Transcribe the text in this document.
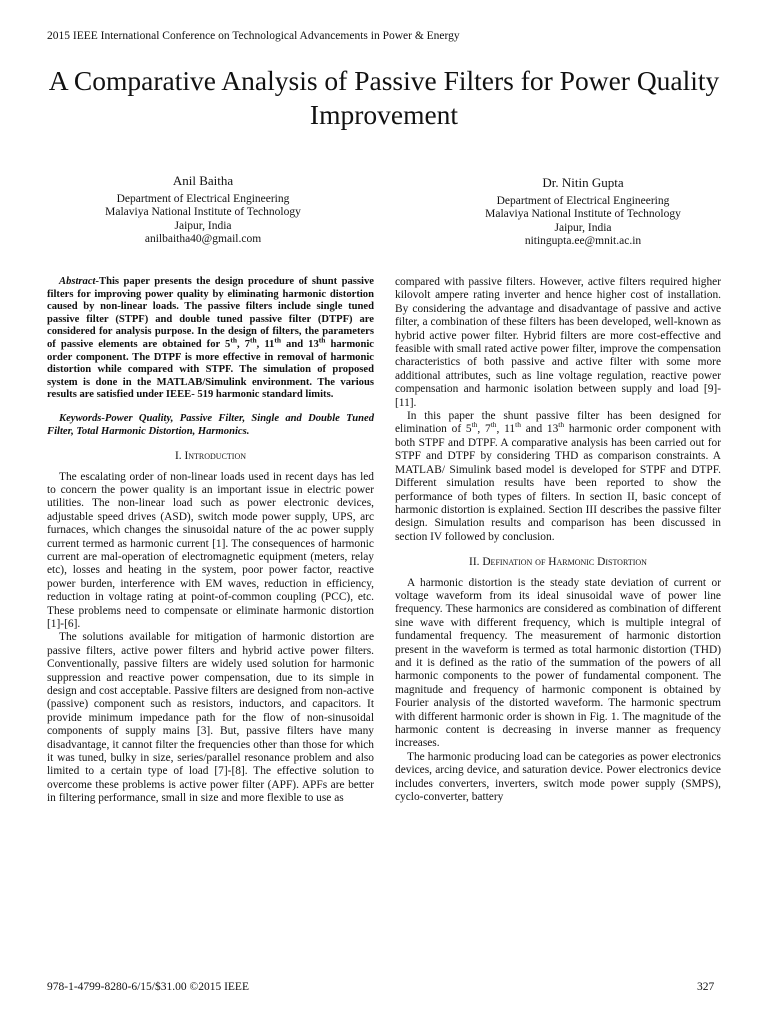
2015 IEEE International Conference on Technological Advancements in Power & Energy
A Comparative Analysis of Passive Filters for Power Quality Improvement
Anil Baitha
Department of Electrical Engineering
Malaviya National Institute of Technology
Jaipur, India
anilbaitha40@gmail.com
Dr. Nitin Gupta
Department of Electrical Engineering
Malaviya National Institute of Technology
Jaipur, India
nitingupta.ee@mnit.ac.in

Abstract-This paper presents the design procedure of shunt passive filters for improving power quality by eliminating harmonic distortion caused by non-linear loads. The passive filters include single tuned passive filter (STPF) and double tuned passive filter (DTPF) are considered for analysis purpose. In the design of filters, the parameters of passive elements are obtained for 5th, 7th, 11th and 13th harmonic order component. The DTPF is more effective in removal of harmonic distortion while compared with STPF. The simulation of proposed system is done in the MATLAB/Simulink environment. The various results are satisfied under IEEE- 519 harmonic standard limits.

Keywords-Power Quality, Passive Filter, Single and Double Tuned Filter, Total Harmonic Distortion, Harmonics.

I. Introduction

The escalating order of non-linear loads used in recent days has led to concern the power quality is an important issue in electric power utilities. The non-linear load such as power electronic devices, adjustable speed drives (ASD), switch mode power supply, UPS, arc furnaces, which changes the sinusoidal nature of the ac power supply current termed as harmonic current [1]. The consequences of harmonic current are mal-operation of electromagnetic equipment (meters, relay etc), losses and heating in the system, poor power factor, reactive power burden, interference with EM waves, reduction in efficiency, reduction in voltage rating at point-of-common coupling (PCC), etc. These problems need to compensate or eliminate harmonic distortion [1]-[6].

The solutions available for mitigation of harmonic distortion are passive filters, active power filters and hybrid active power filters. Conventionally, passive filters are widely used solution for harmonic suppression and reactive power compensation, due to its simple in design and cost acceptable. Passive filters are designed from non-active (passive) component such as resistors, inductors, and capacitors. It provide minimum impedance path for the flow of non-sinusoidal components of supply mains [3]. But, passive filters have many disadvantage, it cannot filter the frequencies other than those for which it was tuned, bulky in size, series/parallel resonance problem and also limited to a certain type of load [7]-[8]. The effective solution to overcome these problems is active power filter (APF). APFs are better in filtering performance, small in size and more flexible to use as

compared with passive filters. However, active filters required higher kilovolt ampere rating inverter and hence higher cost of installation. By considering the advantage and disadvantage of passive and active filter, a combination of these filters has been developed, well-known as hybrid active power filter. Hybrid filters are more cost-effective and feasible with small rated active power filter, improve the compensation characteristics of both passive and active filter with some more additional attributes, such as line voltage regulation, reactive power compensation and harmonic isolation between supply and load [9]-[11].

In this paper the shunt passive filter has been designed for elimination of 5th, 7th, 11th and 13th harmonic order component with both STPF and DTPF. A comparative analysis has been carried out for STPF and DTPF by considering THD as comparison constraints. A MATLAB/ Simulink based model is developed for STPF and DTPF. Different simulation results have been reported to show the performance of both types of filters. In section II, basic concept of harmonic distortion is explained. Section III describes the passive filter design. Simulation results and comparison has been discussed in section IV followed by conclusion.

II. Defination of Harmonic Distortion

A harmonic distortion is the steady state deviation of current or voltage waveform from its ideal sinusoidal wave of power line frequency. These harmonics are considered as combination of different sine wave with different frequency, which is multiple integral of fundamental frequency. The measurement of harmonic distortion present in the waveform is termed as total harmonic distortion (THD) and it is defined as the ratio of the summation of the powers of all harmonic components to the power of fundamental component. The magnitude and frequency of harmonic component is obtained by Fourier analysis of the distorted waveform. The harmonic spectrum with different harmonic order is shown in Fig. 1. The magnitude of the harmonic content is decreasing in inverse manner as frequency increases.

The harmonic producing load can be categories as power electronics devices, arcing device, and saturation device. Power electronics device includes converters, inverters, switch mode power supply (SMPS), cyclo-converter, battery

978-1-4799-8280-6/15/$31.00 ©2015 IEEE	327
